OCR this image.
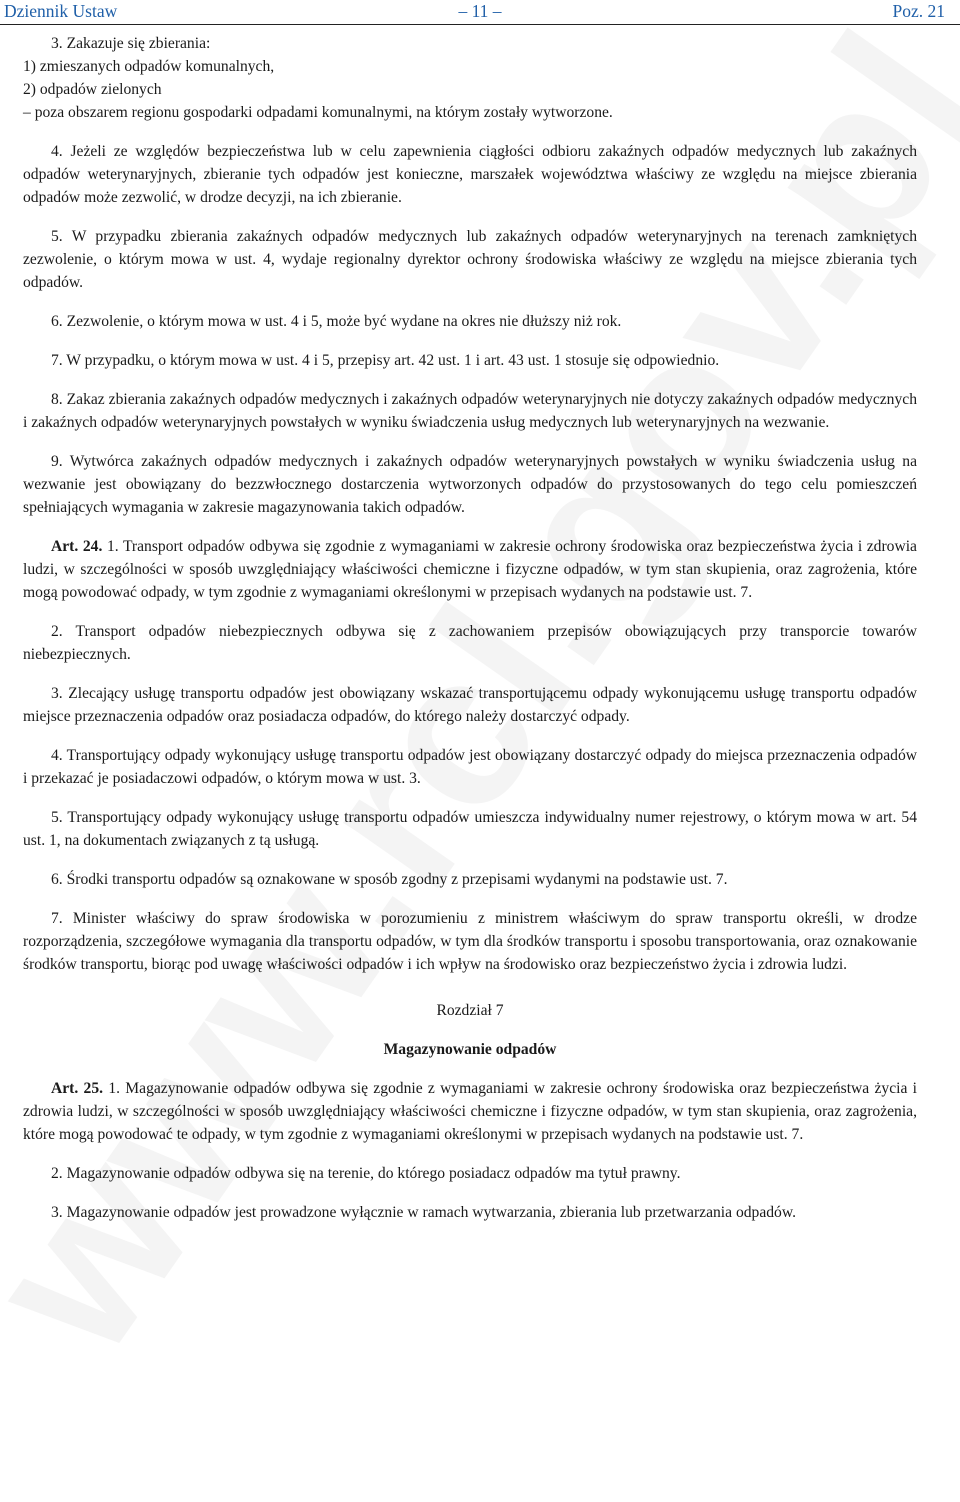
Dziennik Ustaw	– 11 –	Poz. 21

3. Zakazuje się zbierania:

1) zmieszanych odpadów komunalnych,

2) odpadów zielonych

– poza obszarem regionu gospodarki odpadami komunalnymi, na którym zostały wytworzone.

4. Jeżeli ze względów bezpieczeństwa lub w celu zapewnienia ciągłości odbioru zakaźnych odpadów medycznych lub zakaźnych odpadów weterynaryjnych, zbieranie tych odpadów jest konieczne, marszałek województwa właściwy ze względu na miejsce zbierania odpadów może zezwolić, w drodze decyzji, na ich zbieranie.

5. W przypadku zbierania zakaźnych odpadów medycznych lub zakaźnych odpadów weterynaryjnych na terenach zamkniętych zezwolenie, o którym mowa w ust. 4, wydaje regionalny dyrektor ochrony środowiska właściwy ze względu na miejsce zbierania tych odpadów.

6. Zezwolenie, o którym mowa w ust. 4 i 5, może być wydane na okres nie dłuższy niż rok.

7. W przypadku, o którym mowa w ust. 4 i 5, przepisy art. 42 ust. 1 i art. 43 ust. 1 stosuje się odpowiednio.

8. Zakaz zbierania zakaźnych odpadów medycznych i zakaźnych odpadów weterynaryjnych nie dotyczy zakaźnych odpadów medycznych i zakaźnych odpadów weterynaryjnych powstałych w wyniku świadczenia usług medycznych lub weterynaryjnych na wezwanie.

9. Wytwórca zakaźnych odpadów medycznych i zakaźnych odpadów weterynaryjnych powstałych w wyniku świadczenia usług na wezwanie jest obowiązany do bezzwłocznego dostarczenia wytworzonych odpadów do przystosowanych do tego celu pomieszczeń spełniających wymagania w zakresie magazynowania takich odpadów.

Art. 24. 1. Transport odpadów odbywa się zgodnie z wymaganiami w zakresie ochrony środowiska oraz bezpieczeństwa życia i zdrowia ludzi, w szczególności w sposób uwzględniający właściwości chemiczne i fizyczne odpadów, w tym stan skupienia, oraz zagrożenia, które mogą powodować odpady, w tym zgodnie z wymaganiami określonymi w przepisach wydanych na podstawie ust. 7.

2. Transport odpadów niebezpiecznych odbywa się z zachowaniem przepisów obowiązujących przy transporcie towarów niebezpiecznych.

3. Zlecający usługę transportu odpadów jest obowiązany wskazać transportującemu odpady wykonującemu usługę transportu odpadów miejsce przeznaczenia odpadów oraz posiadacza odpadów, do którego należy dostarczyć odpady.

4. Transportujący odpady wykonujący usługę transportu odpadów jest obowiązany dostarczyć odpady do miejsca przeznaczenia odpadów i przekazać je posiadaczowi odpadów, o którym mowa w ust. 3.

5. Transportujący odpady wykonujący usługę transportu odpadów umieszcza indywidualny numer rejestrowy, o którym mowa w art. 54 ust. 1, na dokumentach związanych z tą usługą.

6. Środki transportu odpadów są oznakowane w sposób zgodny z przepisami wydanymi na podstawie ust. 7.

7. Minister właściwy do spraw środowiska w porozumieniu z ministrem właściwym do spraw transportu określi, w drodze rozporządzenia, szczegółowe wymagania dla transportu odpadów, w tym dla środków transportu i sposobu transportowania, oraz oznakowanie środków transportu, biorąc pod uwagę właściwości odpadów i ich wpływ na środowisko oraz bezpieczeństwo życia i zdrowia ludzi.

Rozdział 7

Magazynowanie odpadów

Art. 25. 1. Magazynowanie odpadów odbywa się zgodnie z wymaganiami w zakresie ochrony środowiska oraz bezpieczeństwa życia i zdrowia ludzi, w szczególności w sposób uwzględniający właściwości chemiczne i fizyczne odpadów, w tym stan skupienia, oraz zagrożenia, które mogą powodować te odpady, w tym zgodnie z wymaganiami określonymi w przepisach wydanych na podstawie ust. 7.

2. Magazynowanie odpadów odbywa się na terenie, do którego posiadacz odpadów ma tytuł prawny.

3. Magazynowanie odpadów jest prowadzone wyłącznie w ramach wytwarzania, zbierania lub przetwarzania odpadów.
